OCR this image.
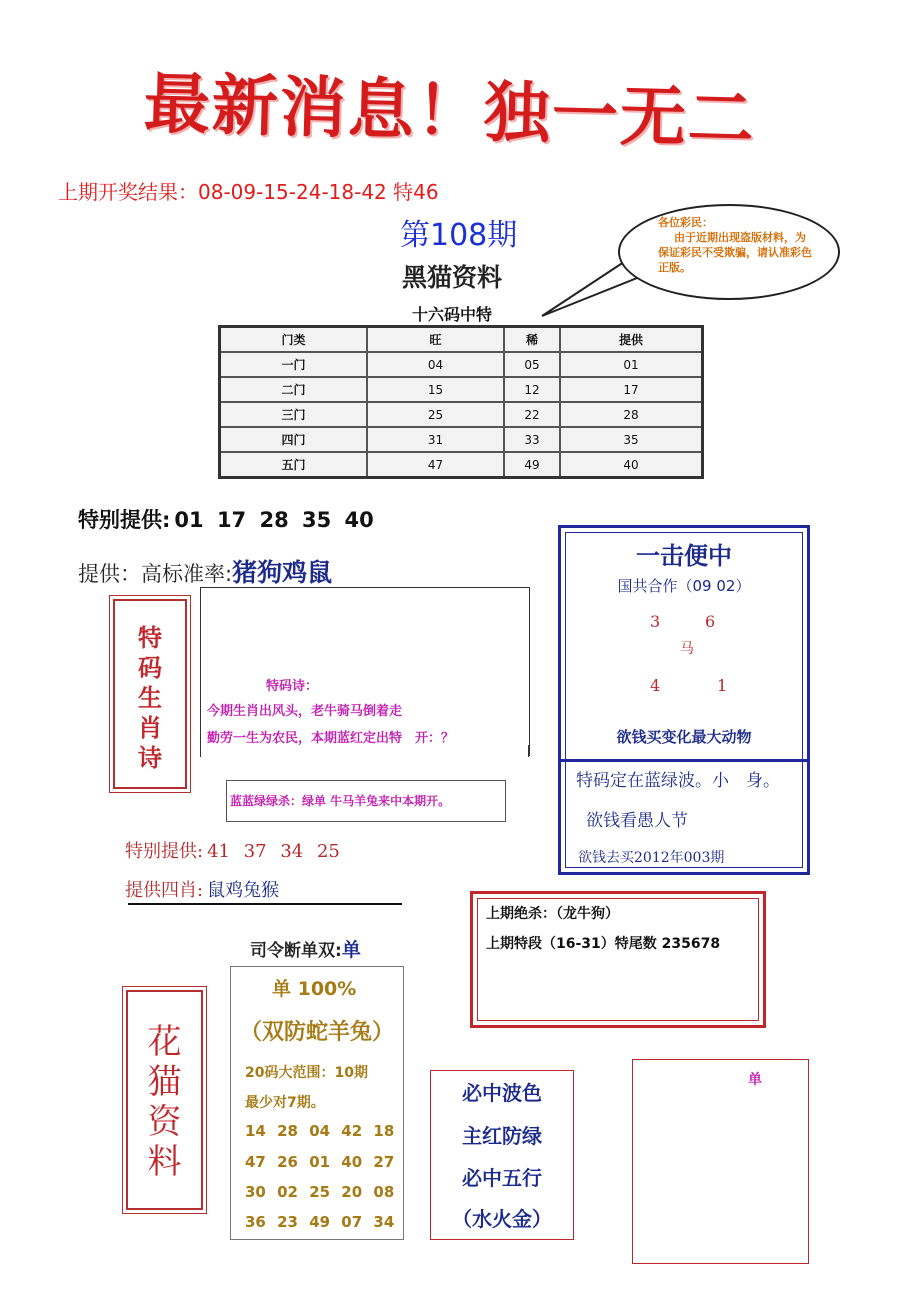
最新消息！独一无二
上期开奖结果：08-09-15-24-18-42 特46
第108期
黑猫资料
十六码中特
各位彩民：
由于近期出现盗版材料，为保证彩民不受欺骗，请认准彩色正版。
门类	旺	稀	提供
一门	04	05	01
二门	15	12	17
三门	25	22	28
四门	31	33	35
五门	47	49	40
特别提供: 01 17 28 35 40
提供：高标准率:猪狗鸡鼠
特码生肖诗
特码诗：
今期生肖出风头，老牛骑马倒着走
勤劳一生为农民，本期蓝红定出特　开：？
蓝蓝绿绿杀：绿单 牛马羊兔来中本期开。
一击便中
国共合作（09 02）
3	6
马
4	1
欲钱买变化最大动物
特码定在蓝绿波。小　身。
欲钱看愚人节
欲钱去买2012年003期
特别提供: 41 37 34 25
提供四肖: 鼠鸡兔猴
上期绝杀：（龙牛狗）
上期特段（16-31）特尾数 235678
司令断单双:单
花猫资料
单 100%
（双防蛇羊兔）
20码大范围：10期
最少对7期。
14 28 04 42 18
47 26 01 40 27
30 02 25 20 08
36 23 49 07 34
必中波色
主红防绿
必中五行
（水火金）
单
